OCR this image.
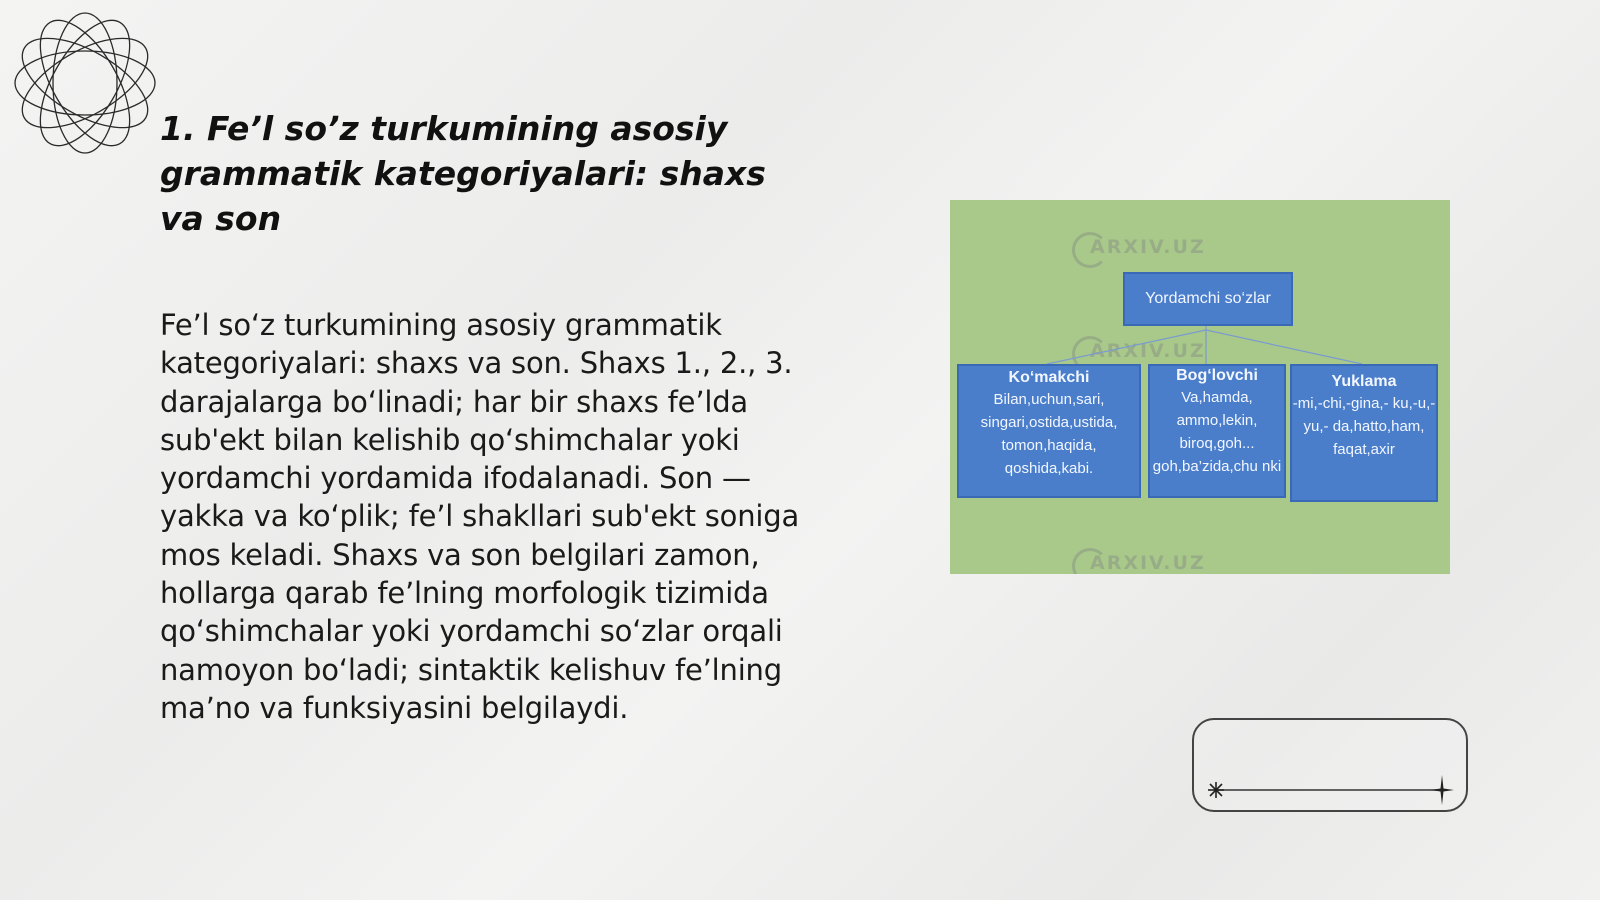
1. Fe’l so’z turkumining asosiy grammatik kategoriyalari: shaxs va son

Fe’l so‘z turkumining asosiy grammatik kategoriyalari: shaxs va son. Shaxs 1., 2., 3. darajalarga bo‘linadi; har bir shaxs fe’lda sub'ekt bilan kelishib qo‘shimchalar yoki yordamchi yordamida ifodalanadi. Son — yakka va ko‘plik; fe’l shakllari sub'ekt soniga mos keladi. Shaxs va son belgilari zamon, hollarga qarab fe’lning morfologik tizimida qo‘shimchalar yoki yordamchi so‘zlar orqali namoyon bo‘ladi; sintaktik kelishuv fe’lning ma’no va funksiyasini belgilaydi.

ARXIV.UZ
ARXIV.UZ
ARXIV.UZ
Yordamchi so‘zlar
Ko‘makchi
Bilan,uchun,sari, singari,ostida,ustida, tomon,haqida, qoshida,kabi.
Bog‘lovchi
Va,hamda, ammo,lekin, biroq,goh... goh,ba’zida,chu nki
Yuklama
-mi,-chi,-gina,- ku,-u,-yu,- da,hatto,ham, faqat,axir
